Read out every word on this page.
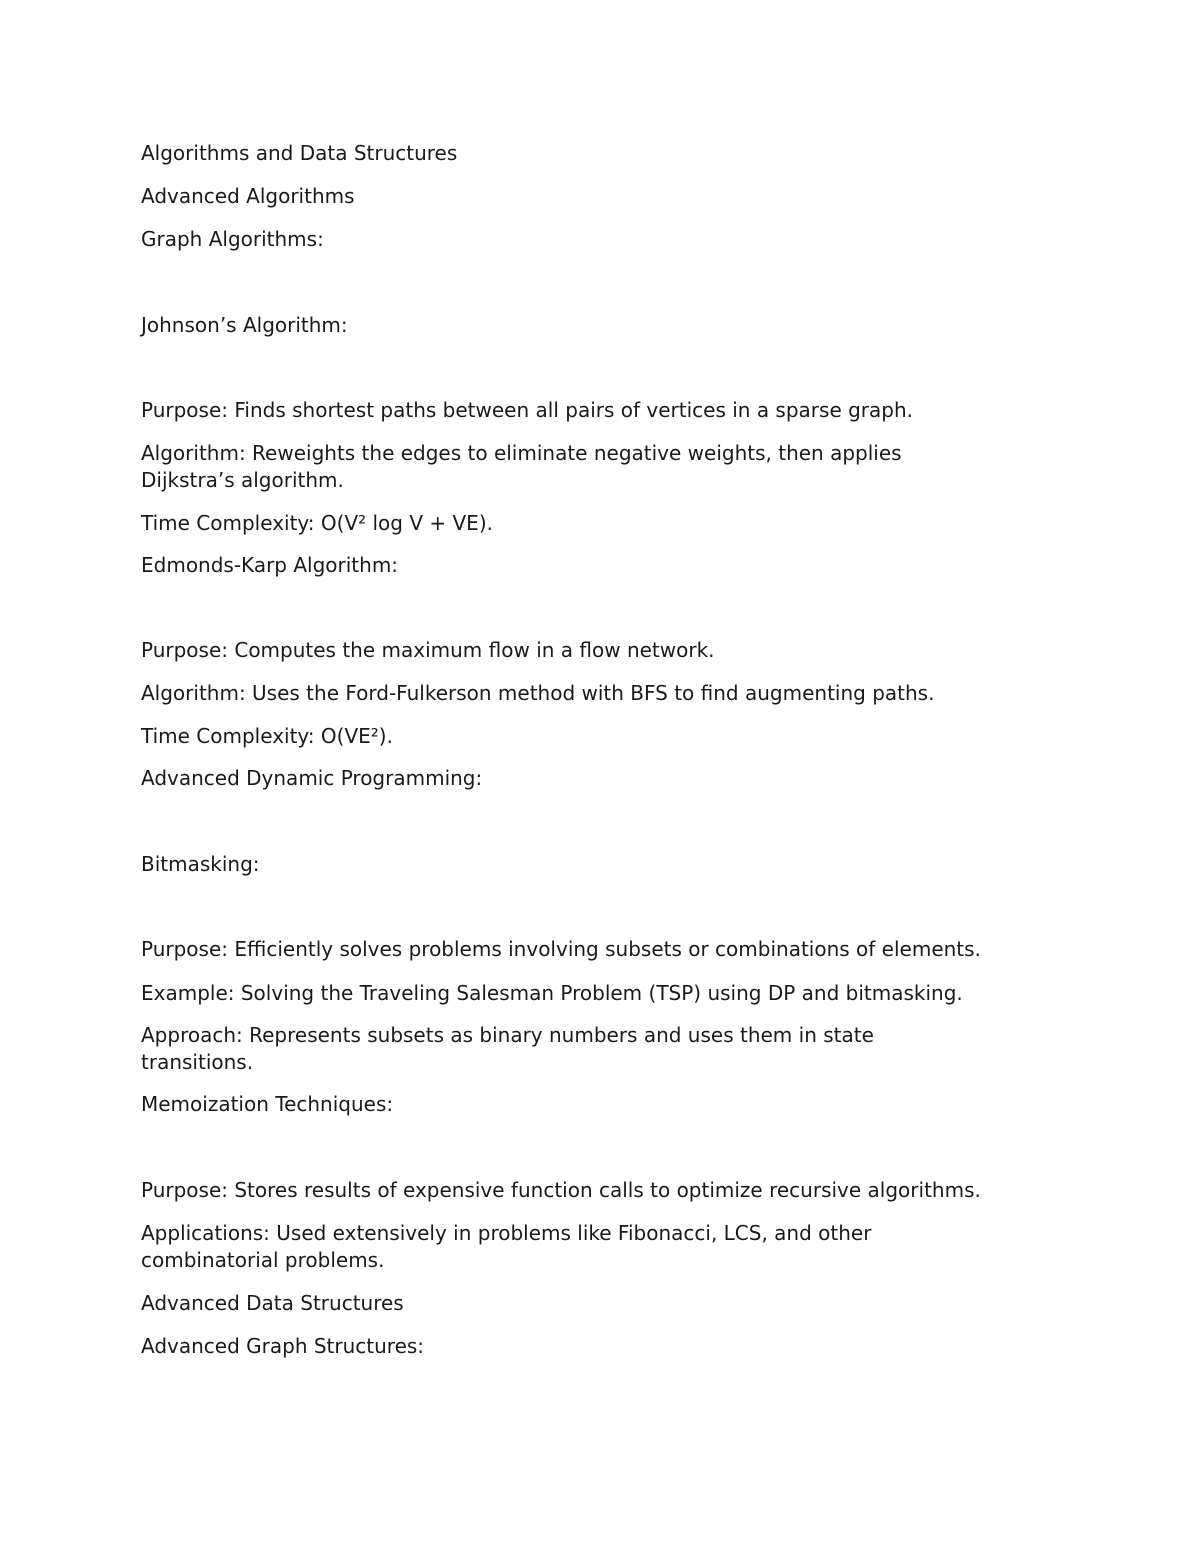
Algorithms and Data Structures

Advanced Algorithms

Graph Algorithms:

Johnson’s Algorithm:

Purpose: Finds shortest paths between all pairs of vertices in a sparse graph.

Algorithm: Reweights the edges to eliminate negative weights, then applies Dijkstra’s algorithm.

Time Complexity: O(V² log V + VE).

Edmonds-Karp Algorithm:

Purpose: Computes the maximum flow in a flow network.

Algorithm: Uses the Ford-Fulkerson method with BFS to find augmenting paths.

Time Complexity: O(VE²).

Advanced Dynamic Programming:

Bitmasking:

Purpose: Efficiently solves problems involving subsets or combinations of elements.

Example: Solving the Traveling Salesman Problem (TSP) using DP and bitmasking.

Approach: Represents subsets as binary numbers and uses them in state transitions.

Memoization Techniques:

Purpose: Stores results of expensive function calls to optimize recursive algorithms.

Applications: Used extensively in problems like Fibonacci, LCS, and other combinatorial problems.

Advanced Data Structures

Advanced Graph Structures:
